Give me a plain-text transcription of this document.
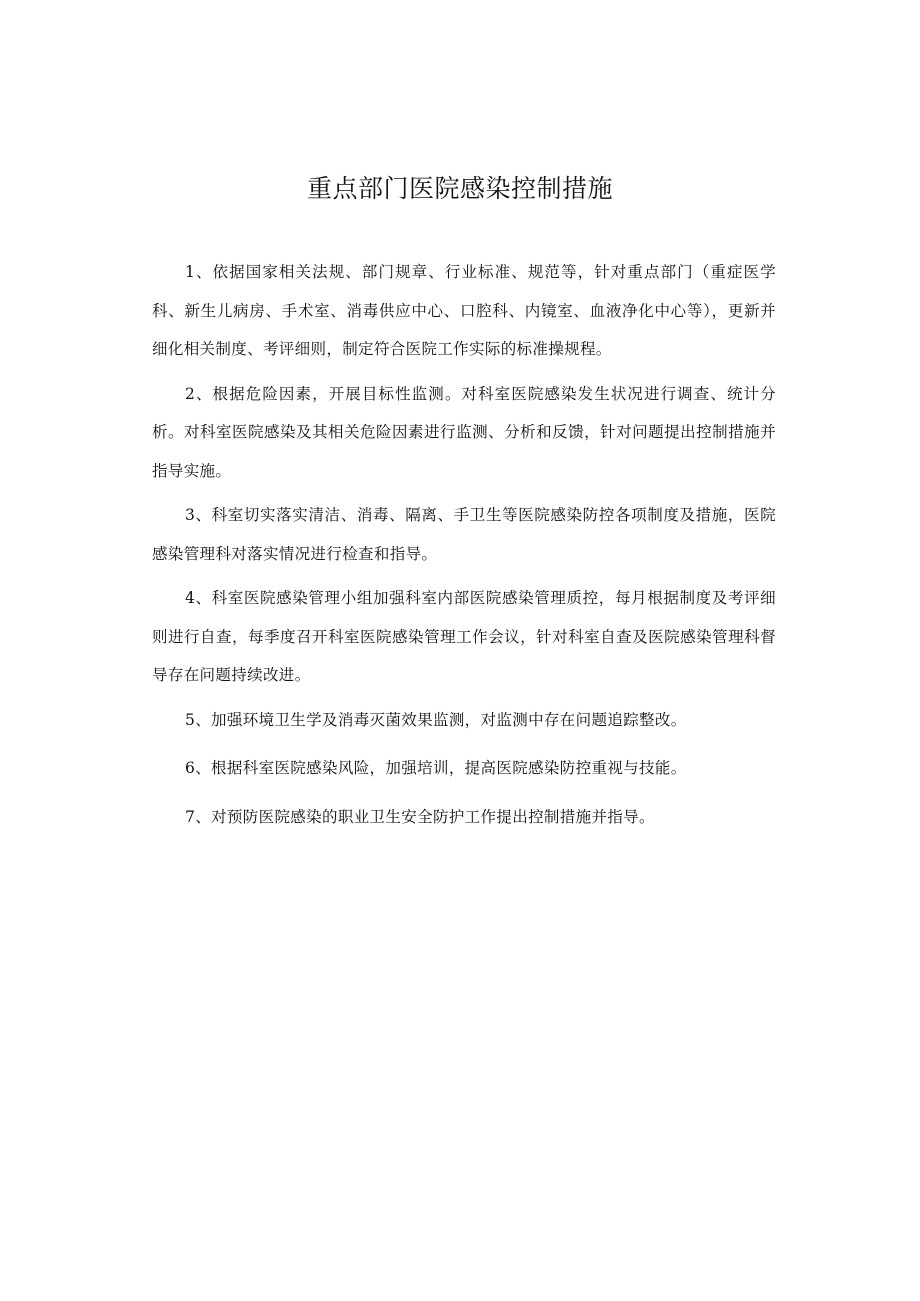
重点部门医院感染控制措施

1、依据国家相关法规、部门规章、行业标准、规范等，针对重点部门（重症医学科、新生儿病房、手术室、消毒供应中心、口腔科、内镜室、血液净化中心等），更新并细化相关制度、考评细则，制定符合医院工作实际的标准操规程。

2、根据危险因素，开展目标性监测。对科室医院感染发生状况进行调查、统计分析。对科室医院感染及其相关危险因素进行监测、分析和反馈，针对问题提出控制措施并指导实施。

3、科室切实落实清洁、消毒、隔离、手卫生等医院感染防控各项制度及措施，医院感染管理科对落实情况进行检查和指导。

4、科室医院感染管理小组加强科室内部医院感染管理质控，每月根据制度及考评细则进行自查，每季度召开科室医院感染管理工作会议，针对科室自查及医院感染管理科督导存在问题持续改进。

5、加强环境卫生学及消毒灭菌效果监测，对监测中存在问题追踪整改。

6、根据科室医院感染风险，加强培训，提高医院感染防控重视与技能。

7、对预防医院感染的职业卫生安全防护工作提出控制措施并指导。
